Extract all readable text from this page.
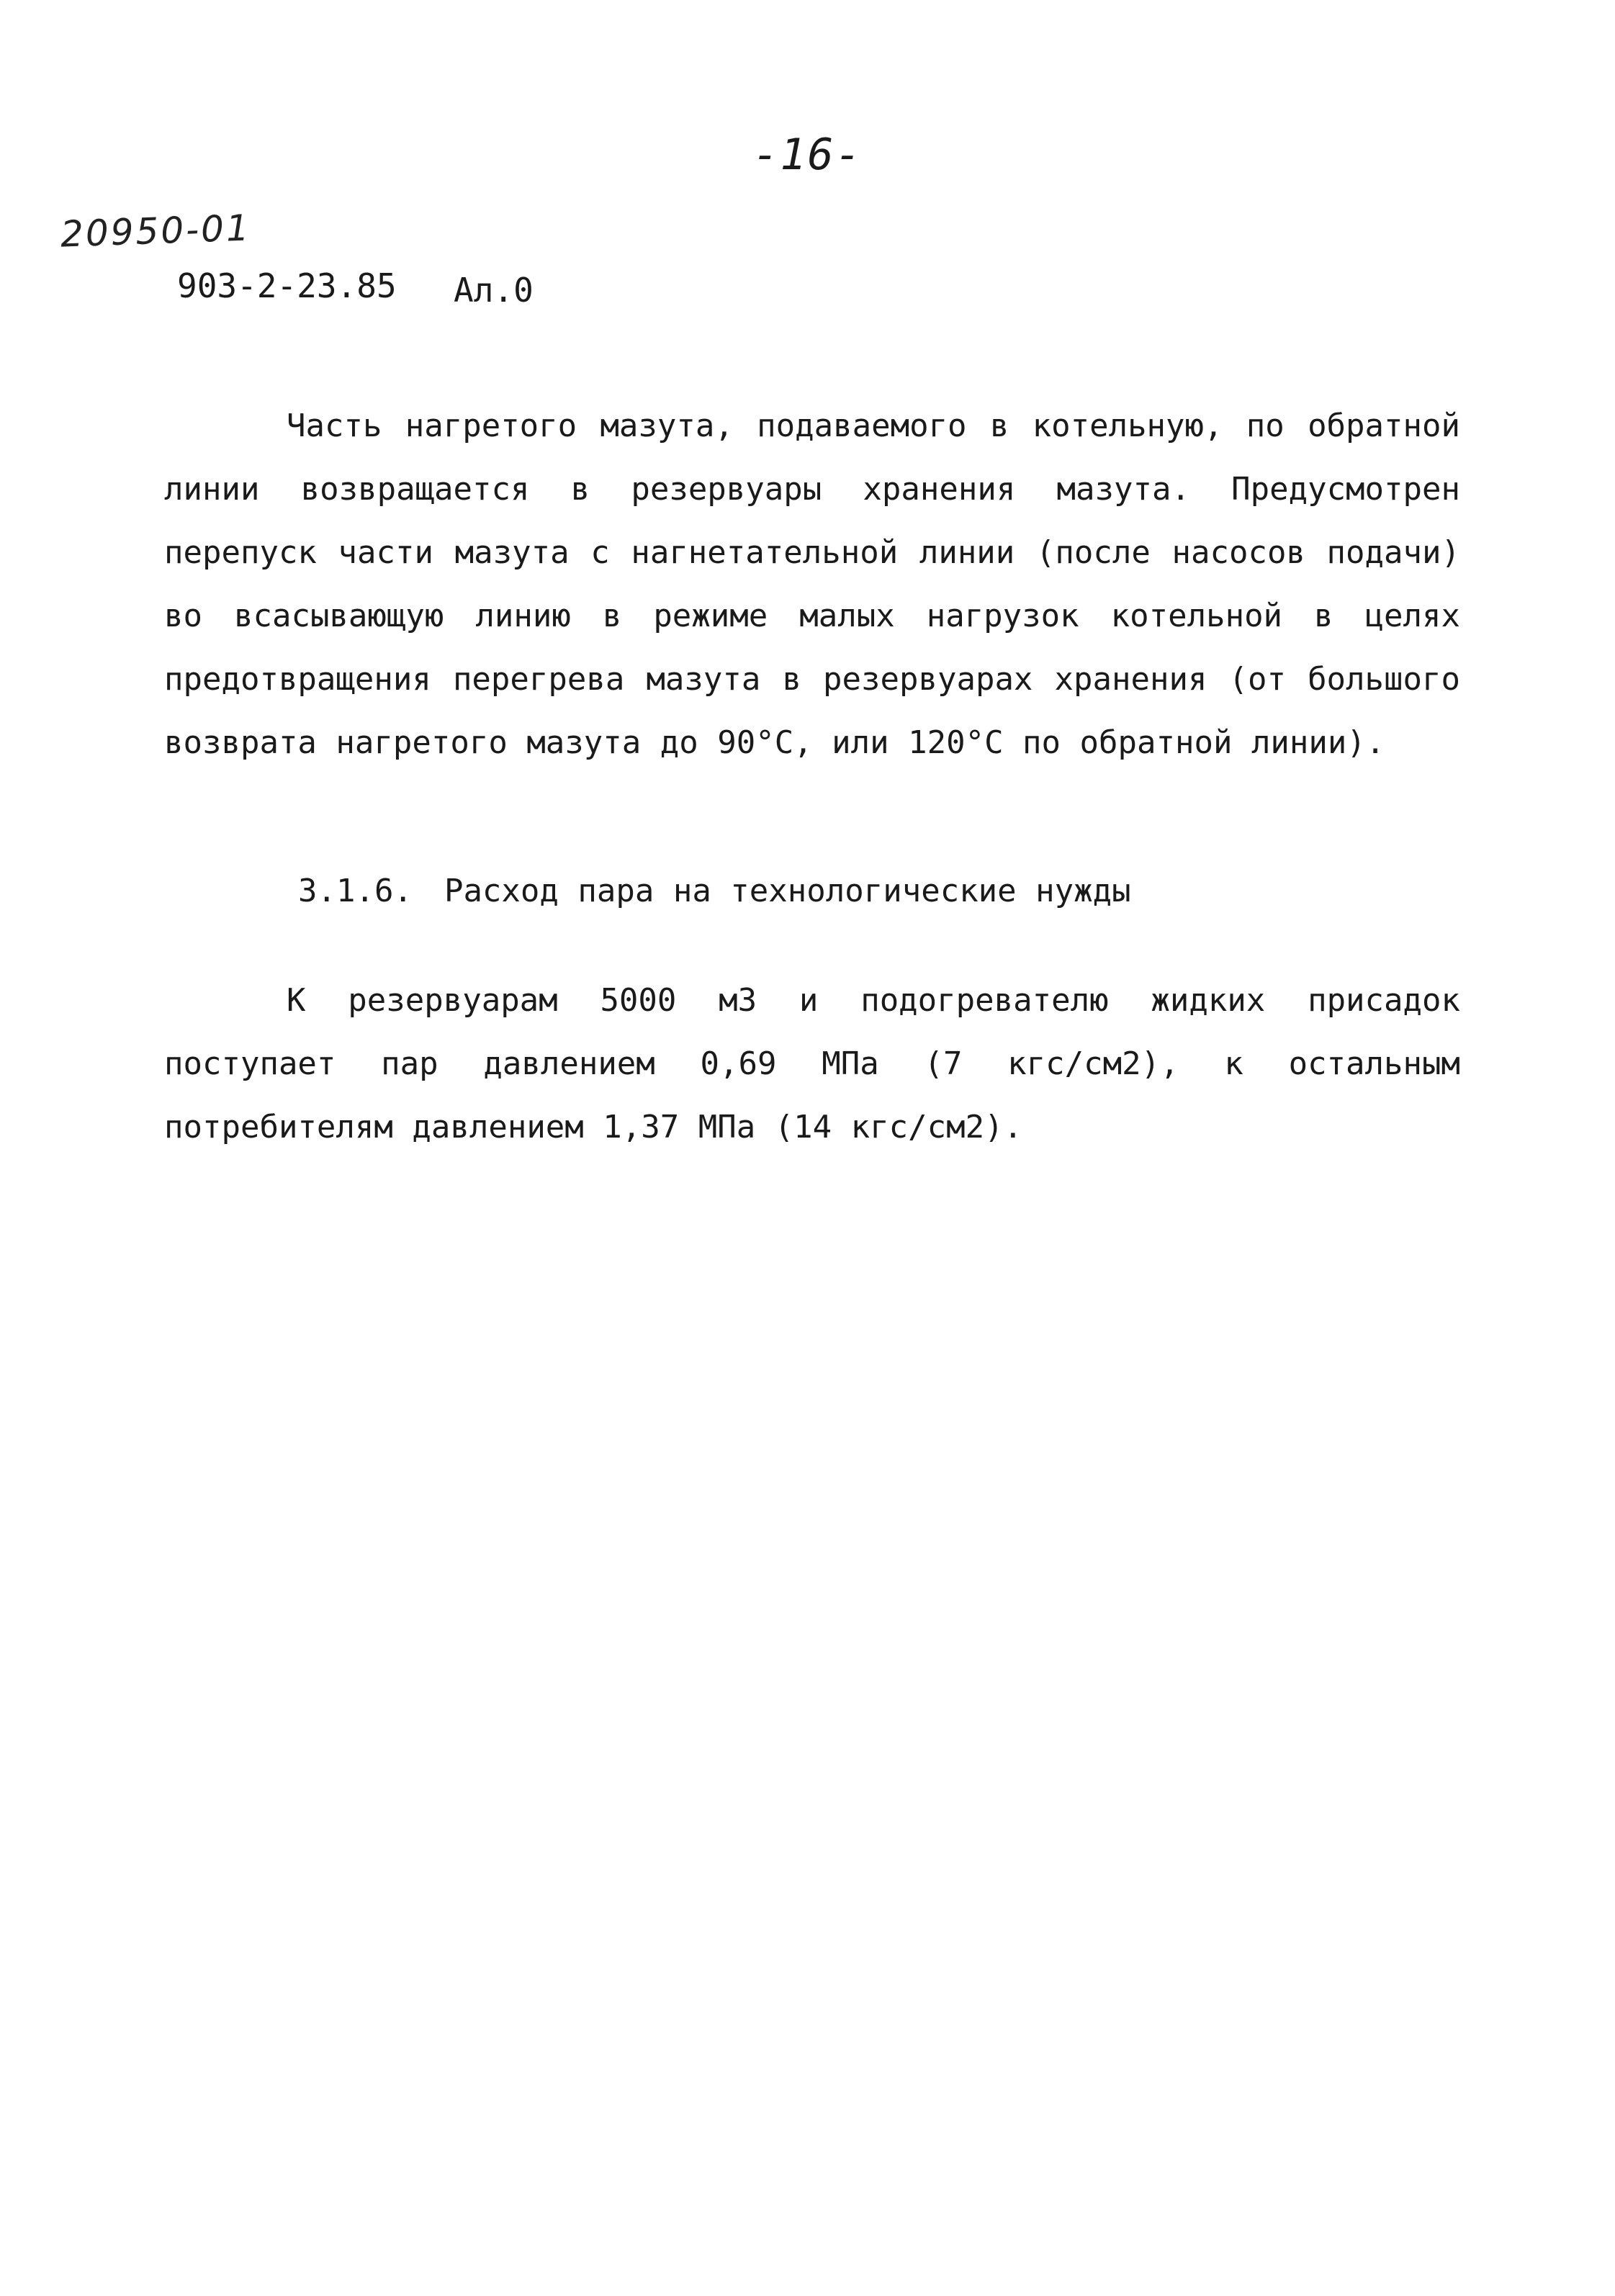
-16-
20950-01
903-2-23.85 Ал.0

Часть нагретого мазута, подаваемого в котельную, по обратной линии возвращается в резервуары хранения мазута. Предусмотрен перепуск части мазута с нагнетательной линии (после насосов подачи) во всасывающую линию в режиме малых нагрузок котельной в целях предотвращения перегрева мазута в резервуарах хранения (от большого возврата нагретого мазута до 90°С, или 120°С по обратной линии).

3.1.6. Расход пара на технологические нужды

К резервуарам 5000 м3 и подогревателю жидких присадок поступает пар давлением 0,69 МПа (7 кгс/см2), к остальным потребителям давлением 1,37 МПа (14 кгс/см2).
